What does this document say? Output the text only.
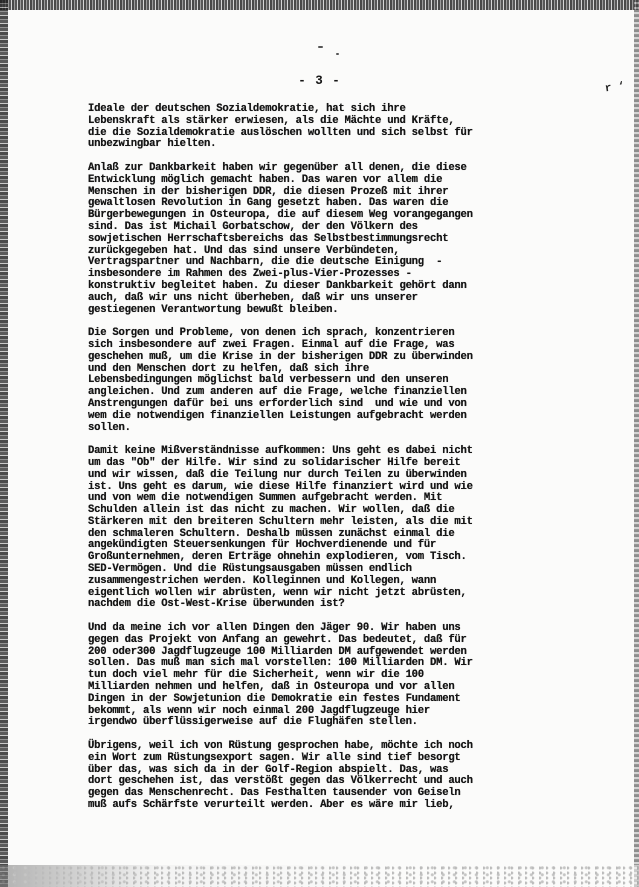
- 3 -	r ‘
Ideale der deutschen Sozialdemokratie, hat sich ihre
Lebenskraft als stärker erwiesen, als die Mächte und Kräfte,
die die Sozialdemokratie auslöschen wollten und sich selbst für
unbezwingbar hielten.
Anlaß zur Dankbarkeit haben wir gegenüber all denen, die diese
Entwicklung möglich gemacht haben. Das waren vor allem die
Menschen in der bisherigen DDR, die diesen Prozeß mit ihrer
gewaltlosen Revolution in Gang gesetzt haben. Das waren die
Bürgerbewegungen in Osteuropa, die auf diesem Weg vorangegangen
sind. Das ist Michail Gorbatschow, der den Völkern des
sowjetischen Herrschaftsbereichs das Selbstbestimmungsrecht
zurückgegeben hat. Und das sind unsere Verbündeten,
Vertragspartner und Nachbarn, die die deutsche Einigung  -
insbesondere im Rahmen des Zwei-plus-Vier-Prozesses -
konstruktiv begleitet haben. Zu dieser Dankbarkeit gehört dann
auch, daß wir uns nicht überheben, daß wir uns unserer
gestiegenen Verantwortung bewußt bleiben.
Die Sorgen und Probleme, von denen ich sprach, konzentrieren
sich insbesondere auf zwei Fragen. Einmal auf die Frage, was
geschehen muß, um die Krise in der bisherigen DDR zu überwinden
und den Menschen dort zu helfen, daß sich ihre
Lebensbedingungen möglichst bald verbessern und den unseren
angleichen. Und zum anderen auf die Frage, welche finanziellen
Anstrengungen dafür bei uns erforderlich sind  und wie und von
wem die notwendigen finanziellen Leistungen aufgebracht werden
sollen.
Damit keine Mißverständnisse aufkommen: Uns geht es dabei nicht
um das "Ob" der Hilfe. Wir sind zu solidarischer Hilfe bereit
und wir wissen, daß die Teilung nur durch Teilen zu überwinden
ist. Uns geht es darum, wie diese Hilfe finanziert wird und wie
und von wem die notwendigen Summen aufgebracht werden. Mit
Schulden allein ist das nicht zu machen. Wir wollen, daß die
Stärkeren mit den breiteren Schultern mehr leisten, als die mit
den schmaleren Schultern. Deshalb müssen zunächst einmal die
angekündigten Steuersenkungen für Hochverdienende und für
Großunternehmen, deren Erträge ohnehin explodieren, vom Tisch.
SED-Vermögen. Und die Rüstungsausgaben müssen endlich
zusammengestrichen werden. Kolleginnen und Kollegen, wann
eigentlich wollen wir abrüsten, wenn wir nicht jetzt abrüsten,
nachdem die Ost-West-Krise überwunden ist?
Und da meine ich vor allen Dingen den Jäger 90. Wir haben uns
gegen das Projekt von Anfang an gewehrt. Das bedeutet, daß für
200 oder300 Jagdflugzeuge 100 Milliarden DM aufgewendet werden
sollen. Das muß man sich mal vorstellen: 100 Milliarden DM. Wir
tun doch viel mehr für die Sicherheit, wenn wir die 100
Milliarden nehmen und helfen, daß in Osteuropa und vor allen
Dingen in der Sowjetunion die Demokratie ein festes Fundament
bekommt, als wenn wir noch einmal 200 Jagdflugzeuge hier
irgendwo überflüssigerweise auf die Flughäfen stellen.
Übrigens, weil ich von Rüstung gesprochen habe, möchte ich noch
ein Wort zum Rüstungsexport sagen. Wir alle sind tief besorgt
über das, was sich da in der Golf-Region abspielt. Das, was
dort geschehen ist, das verstößt gegen das Völkerrecht und auch
gegen das Menschenrecht. Das Festhalten tausender von Geiseln
muß aufs Schärfste verurteilt werden. Aber es wäre mir lieb,
